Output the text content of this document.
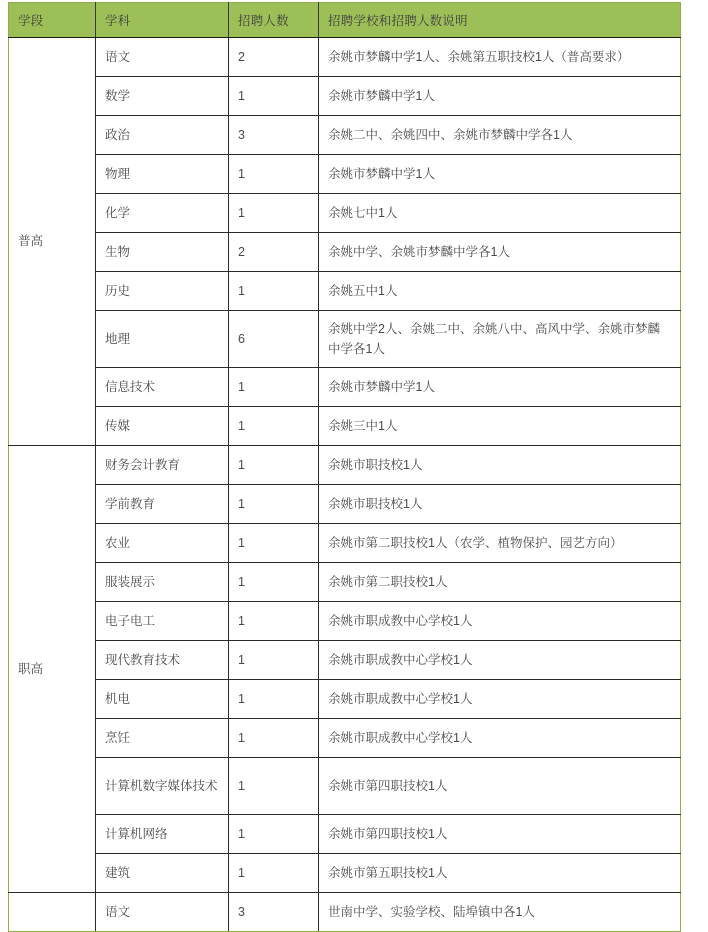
学段	学科	招聘人数	招聘学校和招聘人数说明
普高	语文	2	余姚市梦麟中学1人、余姚第五职技校1人（普高要求）
	数学	1	余姚市梦麟中学1人
	政治	3	余姚二中、余姚四中、余姚市梦麟中学各1人
	物理	1	余姚市梦麟中学1人
	化学	1	余姚七中1人
	生物	2	余姚中学、余姚市梦麟中学各1人
	历史	1	余姚五中1人
	地理	6	余姚中学2人、余姚二中、余姚八中、高风中学、余姚市梦麟中学各1人
	信息技术	1	余姚市梦麟中学1人
	传媒	1	余姚三中1人
职高	财务会计教育	1	余姚市职技校1人
	学前教育	1	余姚市职技校1人
	农业	1	余姚市第二职技校1人（农学、植物保护、园艺方向）
	服装展示	1	余姚市第二职技校1人
	电子电工	1	余姚市职成教中心学校1人
	现代教育技术	1	余姚市职成教中心学校1人
	机电	1	余姚市职成教中心学校1人
	烹饪	1	余姚市职成教中心学校1人
	计算机数字媒体技术	1	余姚市第四职技校1人
	计算机网络	1	余姚市第四职技校1人
	建筑	1	余姚市第五职技校1人
	语文	3	世南中学、实验学校、陆埠镇中各1人
